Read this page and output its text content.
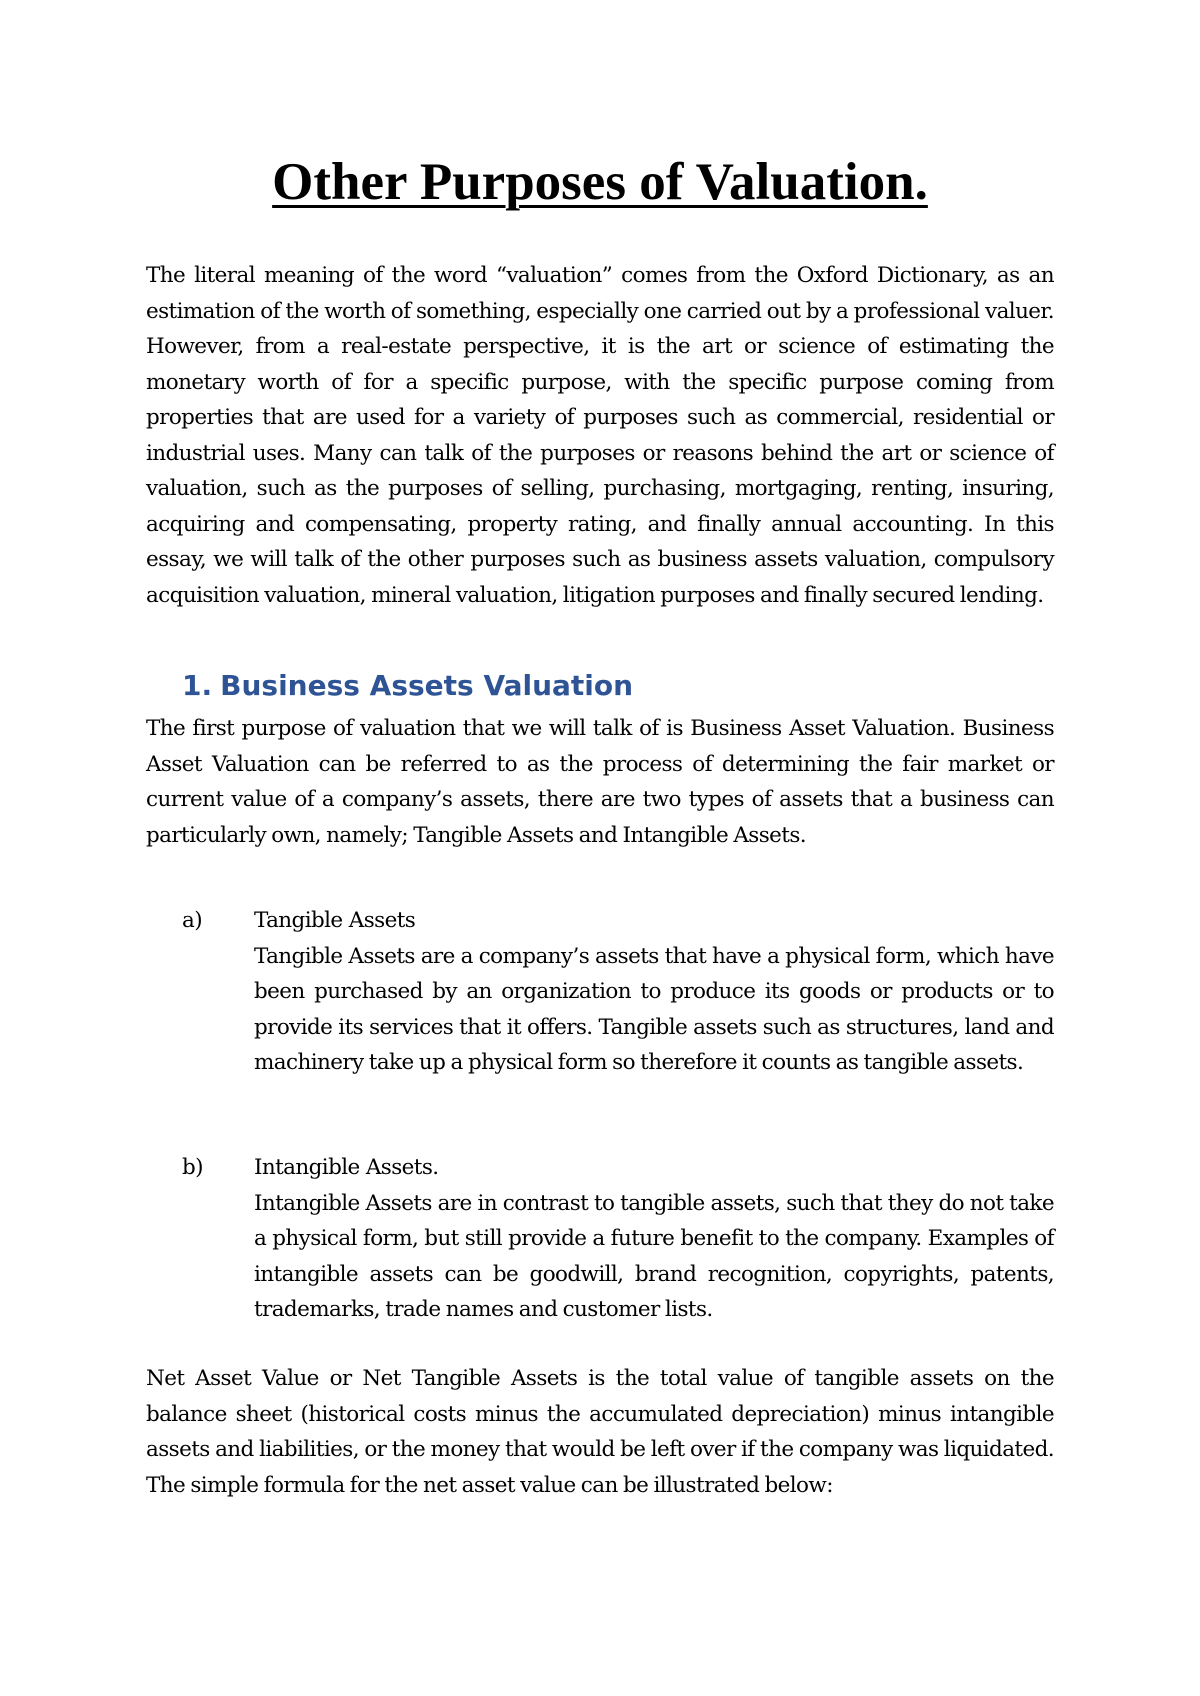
Other Purposes of Valuation.

The literal meaning of the word “valuation” comes from the Oxford Dictionary, as an estimation of the worth of something, especially one carried out by a professional valuer. However, from a real-estate perspective, it is the art or science of estimating the monetary worth of for a specific purpose, with the specific purpose coming from properties that are used for a variety of purposes such as commercial, residential or industrial uses. Many can talk of the purposes or reasons behind the art or science of valuation, such as the purposes of selling, purchasing, mortgaging, renting, insuring, acquiring and compensating, property rating, and finally annual accounting. In this essay, we will talk of the other purposes such as business assets valuation, compulsory acquisition valuation, mineral valuation, litigation purposes and finally secured lending.

1. Business Assets Valuation

The first purpose of valuation that we will talk of is Business Asset Valuation. Business Asset Valuation can be referred to as the process of determining the fair market or current value of a company’s assets, there are two types of assets that a business can particularly own, namely; Tangible Assets and Intangible Assets.

a) Tangible Assets

Tangible Assets are a company’s assets that have a physical form, which have been purchased by an organization to produce its goods or products or to provide its services that it offers. Tangible assets such as structures, land and machinery take up a physical form so therefore it counts as tangible assets.

b) Intangible Assets.

Intangible Assets are in contrast to tangible assets, such that they do not take a physical form, but still provide a future benefit to the company. Examples of intangible assets can be goodwill, brand recognition, copyrights, patents, trademarks, trade names and customer lists.

Net Asset Value or Net Tangible Assets is the total value of tangible assets on the balance sheet (historical costs minus the accumulated depreciation) minus intangible assets and liabilities, or the money that would be left over if the company was liquidated. The simple formula for the net asset value can be illustrated below:
